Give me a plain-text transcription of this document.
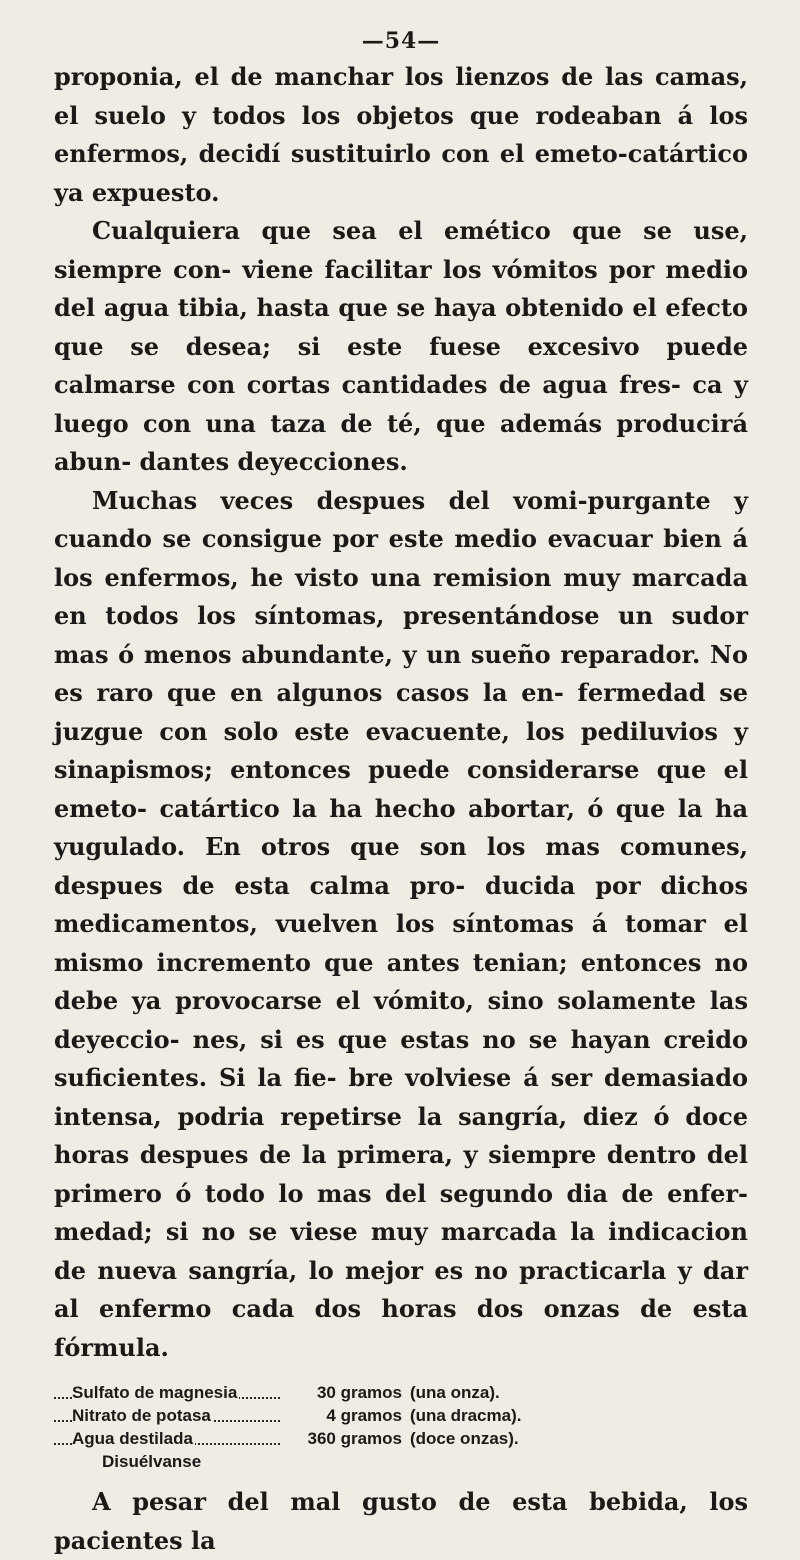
—54—

proponia, el de manchar los lienzos de las camas, el suelo y todos los objetos que rodeaban á los enfermos, decidí sustituirlo con el emeto-catártico ya expuesto.

Cualquiera que sea el emético que se use, siempre con- viene facilitar los vómitos por medio del agua tibia, hasta que se haya obtenido el efecto que se desea; si este fuese excesivo puede calmarse con cortas cantidades de agua fres- ca y luego con una taza de té, que además producirá abun- dantes deyecciones.

Muchas veces despues del vomi-purgante y cuando se consigue por este medio evacuar bien á los enfermos, he visto una remision muy marcada en todos los síntomas, presentándose un sudor mas ó menos abundante, y un sueño reparador. No es raro que en algunos casos la en- fermedad se juzgue con solo este evacuente, los pediluvios y sinapismos; entonces puede considerarse que el emeto- catártico la ha hecho abortar, ó que la ha yugulado. En otros que son los mas comunes, despues de esta calma pro- ducida por dichos medicamentos, vuelven los síntomas á tomar el mismo incremento que antes tenian; entonces no debe ya provocarse el vómito, sino solamente las deyeccio- nes, si es que estas no se hayan creido suficientes. Si la fie- bre volviese á ser demasiado intensa, podria repetirse la sangría, diez ó doce horas despues de la primera, y siempre dentro del primero ó todo lo mas del segundo dia de enfer- medad; si no se viese muy marcada la indicacion de nueva sangría, lo mejor es no practicarla y dar al enfermo cada dos horas dos onzas de esta fórmula.

Sulfato de magnesia	30 gramos (una onza).
Nitrato de potasa	4 gramos (una dracma).
Agua destilada	360 gramos (doce onzas).
Disuélvanse

A pesar del mal gusto de esta bebida, los pacientes la
